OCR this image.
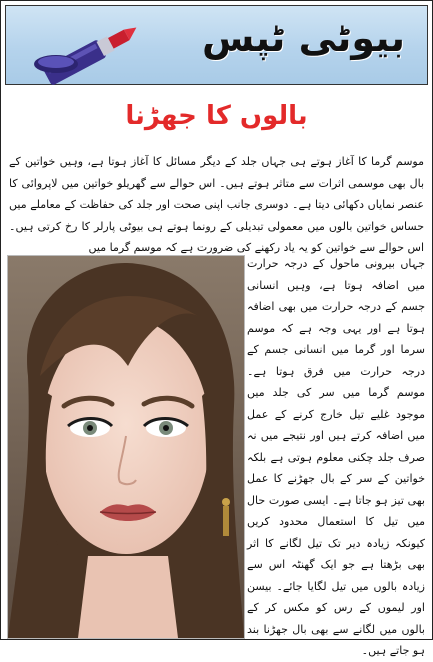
بیوٹی ٹپس
بالوں کا جھڑنا
موسم گرما کا آغاز ہوتے ہی جہاں جلد کے دیگر مسائل کا آغاز ہوتا ہے، وہیں خواتین کے بال بھی موسمی اثرات سے متاثر ہوتے ہیں۔ اس حوالے سے گھریلو خواتین میں لاپروائی کا عنصر نمایاں دکھائی دیتا ہے۔ دوسری جانب اپنی صحت اور جلد کی حفاظت کے معاملے میں حساس خواتین بالوں میں معمولی تبدیلی کے رونما ہوتے ہی بیوٹی پارلر کا رخ کرتی ہیں۔ اس حوالے سے خواتین کو یہ یاد رکھنے کی ضرورت ہے کہ موسم گرما میں
جہاں بیرونی ماحول کے درجہ حرارت میں اضافہ ہوتا ہے، وہیں انسانی جسم کے درجہ حرارت میں بھی اضافہ ہوتا ہے اور یہی وجہ ہے کہ موسم سرما اور گرما میں انسانی جسم کے درجہ حرارت میں فرق ہوتا ہے۔ موسم گرما میں سر کی جلد میں موجود غلیے تیل خارج کرنے کے عمل میں اضافہ کرتے ہیں اور نتیجے میں نہ صرف جلد چکنی معلوم ہوتی ہے بلکہ خواتین کے سر کے بال جھڑنے کا عمل بھی تیز ہو جاتا ہے۔ ایسی صورت حال میں تیل کا استعمال محدود کریں کیونکہ زیادہ دیر تک تیل لگانے کا اثر بھی بڑھتا ہے جو ایک گھنٹہ اس سے زیادہ بالوں میں تیل لگایا جائے۔ بیسن اور لیموں کے رس کو مکس کر کے بالوں میں لگانے سے بھی بال جھڑنا بند ہو جاتے ہیں۔
